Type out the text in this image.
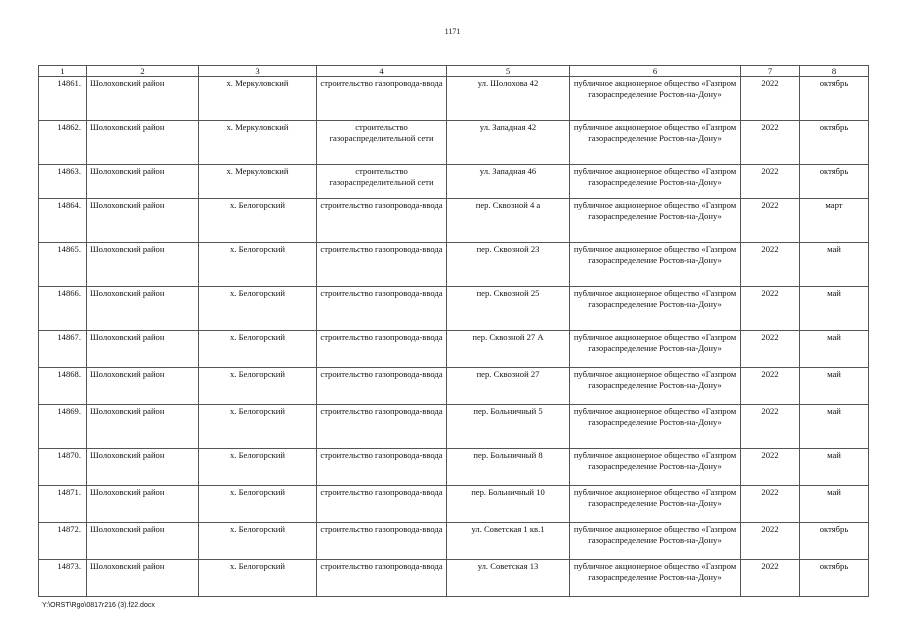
1171
1	2	3	4	5	6	7	8
14861.	Шолоховский район	х. Меркуловский	строительство газопровода-ввода	ул. Шолохова 42	публичное акционерное общество «Газпром газораспределение Ростов-на-Дону»	2022	октябрь
14862.	Шолоховский район	х. Меркуловский	строительство газораспределительной сети	ул. Западная 42	публичное акционерное общество «Газпром газораспределение Ростов-на-Дону»	2022	октябрь
14863.	Шолоховский район	х. Меркуловский	строительство газораспределительной сети	ул. Западная 46	публичное акционерное общество «Газпром газораспределение Ростов-на-Дону»	2022	октябрь
14864.	Шолоховский район	х. Белогорский	строительство газопровода-ввода	пер. Сквозной 4 а	публичное акционерное общество «Газпром газораспределение Ростов-на-Дону»	2022	март
14865.	Шолоховский район	х. Белогорский	строительство газопровода-ввода	пер. Сквозной 23	публичное акционерное общество «Газпром газораспределение Ростов-на-Дону»	2022	май
14866.	Шолоховский район	х. Белогорский	строительство газопровода-ввода	пер. Сквозной 25	публичное акционерное общество «Газпром газораспределение Ростов-на-Дону»	2022	май
14867.	Шолоховский район	х. Белогорский	строительство газопровода-ввода	пер. Сквозной 27 А	публичное акционерное общество «Газпром газораспределение Ростов-на-Дону»	2022	май
14868.	Шолоховский район	х. Белогорский	строительство газопровода-ввода	пер. Сквозной 27	публичное акционерное общество «Газпром газораспределение Ростов-на-Дону»	2022	май
14869.	Шолоховский район	х. Белогорский	строительство газопровода-ввода	пер. Больничный 5	публичное акционерное общество «Газпром газораспределение Ростов-на-Дону»	2022	май
14870.	Шолоховский район	х. Белогорский	строительство газопровода-ввода	пер. Больничный 8	публичное акционерное общество «Газпром газораспределение Ростов-на-Дону»	2022	май
14871.	Шолоховский район	х. Белогорский	строительство газопровода-ввода	пер. Больничный 10	публичное акционерное общество «Газпром газораспределение Ростов-на-Дону»	2022	май
14872.	Шолоховский район	х. Белогорский	строительство газопровода-ввода	ул. Советская 1 кв.1	публичное акционерное общество «Газпром газораспределение Ростов-на-Дону»	2022	октябрь
14873.	Шолоховский район	х. Белогорский	строительство газопровода-ввода	ул. Советская 13	публичное акционерное общество «Газпром газораспределение Ростов-на-Дону»	2022	октябрь
Y:\ORST\Rgo\0817r216 (3).f22.docx
